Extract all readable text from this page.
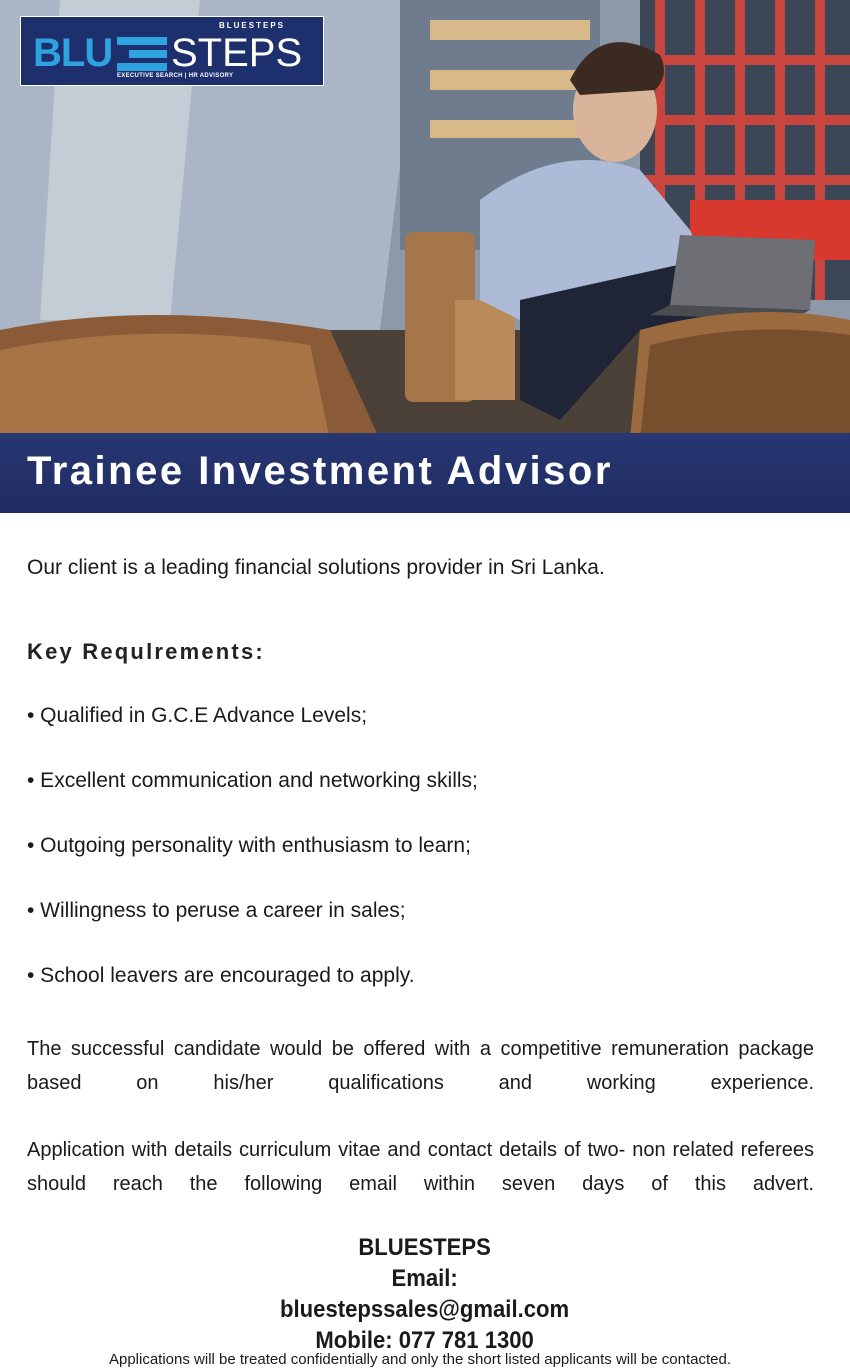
BLUESTEPS
BLU STEPS
EXECUTIVE SEARCH | HR ADVISORY
Trainee Investment Advisor

Our client is a leading financial solutions provider in Sri Lanka.

Key Requlrements:
• Qualified in G.C.E Advance Levels;
• Excellent communication and networking skills;
• Outgoing personality with enthusiasm to learn;
• Willingness to peruse a career in sales;
• School leavers are encouraged to apply.

The successful candidate would be offered with a competitive remuneration package based on his/her qualifications and working experience.

Application with details curriculum vitae and contact details of two- non related referees should reach the following email within seven days of this advert.

BLUESTEPS
Email:
bluestepssales@gmail.com
Mobile: 077 781 1300
Applications will be treated confidentially and only the short listed applicants will be contacted.
